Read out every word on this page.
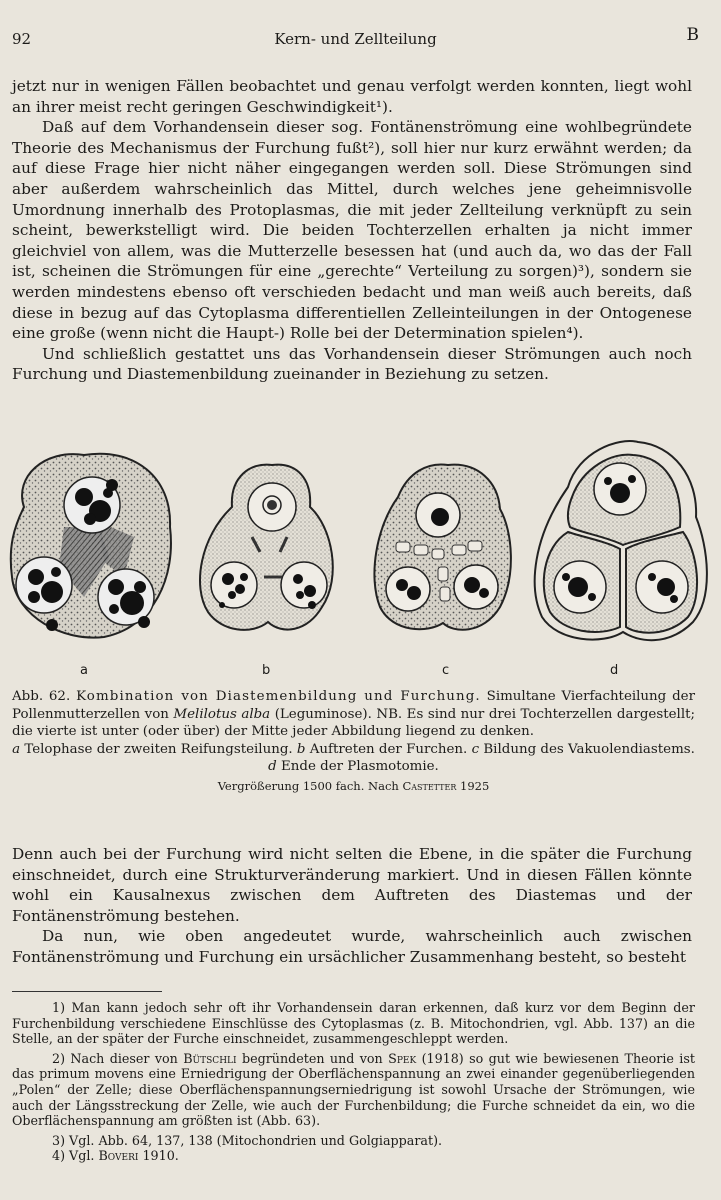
92	Kern- und Zellteilung	B

jetzt nur in wenigen Fällen beobachtet und genau verfolgt werden konnten, liegt wohl an ihrer meist recht geringen Geschwindigkeit¹).

Daß auf dem Vorhandensein dieser sog. Fontänenströmung eine wohlbegründete Theorie des Mechanismus der Furchung fußt²), soll hier nur kurz erwähnt werden; da auf diese Frage hier nicht näher eingegangen werden soll. Diese Strömungen sind aber außerdem wahrscheinlich das Mittel, durch welches jene geheimnisvolle Umordnung innerhalb des Protoplasmas, die mit jeder Zellteilung verknüpft zu sein scheint, bewerkstelligt wird. Die beiden Tochterzellen erhalten ja nicht immer gleichviel von allem, was die Mutterzelle besessen hat (und auch da, wo das der Fall ist, scheinen die Strömungen für eine „gerechte“ Verteilung zu sorgen)³), sondern sie werden mindestens ebenso oft verschieden bedacht und man weiß auch bereits, daß diese in bezug auf das Cytoplasma differentiellen Zelleinteilungen in der Ontogenese eine große (wenn nicht die Haupt-) Rolle bei der Determination spielen⁴).

Und schließlich gestattet uns das Vorhandensein dieser Strömungen auch noch Furchung und Diastemenbildung zueinander in Beziehung zu setzen.

a	b	c	d

Abb. 62. Kombination von Diastemenbildung und Furchung. Simultane Vierfachteilung der Pollenmutterzellen von Melilotus alba (Leguminose). NB. Es sind nur drei Tochterzellen dargestellt; die vierte ist unter (oder über) der Mitte jeder Abbildung liegend zu denken.

a Telophase der zweiten Reifungsteilung. b Auftreten der Furchen. c Bildung des Vakuolendiastems. d Ende der Plasmotomie.

Vergrößerung 1500 fach. Nach Castetter 1925

Denn auch bei der Furchung wird nicht selten die Ebene, in die später die Furchung einschneidet, durch eine Strukturveränderung markiert. Und in diesen Fällen könnte wohl ein Kausalnexus zwischen dem Auftreten des Diastemas und der Fontänenströmung bestehen.

Da nun, wie oben angedeutet wurde, wahrscheinlich auch zwischen Fontänenströmung und Furchung ein ursächlicher Zusammenhang besteht, so besteht

1) Man kann jedoch sehr oft ihr Vorhandensein daran erkennen, daß kurz vor dem Beginn der Furchenbildung verschiedene Einschlüsse des Cytoplasmas (z. B. Mitochondrien, vgl. Abb. 137) an die Stelle, an der später der Furche einschneidet, zusammengeschleppt werden.

2) Nach dieser von Bütschli begründeten und von Spek (1918) so gut wie bewiesenen Theorie ist das primum movens eine Erniedrigung der Oberflächenspannung an zwei einander gegenüberliegenden „Polen“ der Zelle; diese Oberflächenspannungserniedrigung ist sowohl Ursache der Strömungen, wie auch der Längsstreckung der Zelle, wie auch der Furchenbildung; die Furche schneidet da ein, wo die Oberflächenspannung am größten ist (Abb. 63).

3) Vgl. Abb. 64, 137, 138 (Mitochondrien und Golgiapparat).

4) Vgl. Boveri 1910.
